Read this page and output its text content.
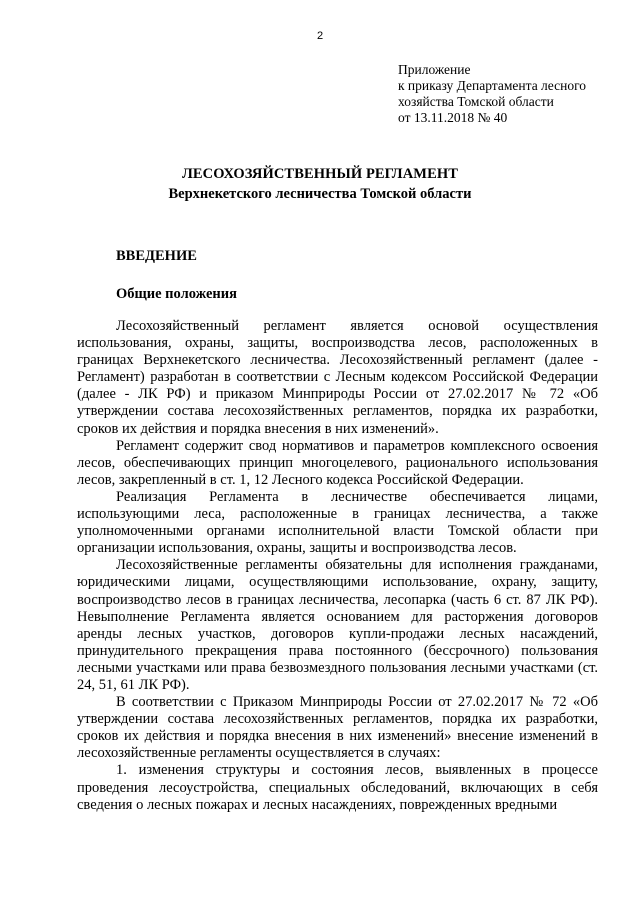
2
Приложение
к приказу Департамента лесного
хозяйства Томской области
от 13.11.2018 № 40
ЛЕСОХОЗЯЙСТВЕННЫЙ РЕГЛАМЕНТ
Верхнекетского лесничества Томской области
ВВЕДЕНИЕ
Общие положения

Лесохозяйственный регламент является основой осуществления использования, охраны, защиты, воспроизводства лесов, расположенных в границах Верхнекетского лесничества. Лесохозяйственный регламент (далее - Регламент) разработан в соответствии с Лесным кодексом Российской Федерации (далее - ЛК РФ) и приказом Минприроды России от 27.02.2017 № 72 «Об утверждении состава лесохозяйственных регламентов, порядка их разработки, сроков их действия и порядка внесения в них изменений».

Регламент содержит свод нормативов и параметров комплексного освоения лесов, обеспечивающих принцип многоцелевого, рационального использования лесов, закрепленный в ст. 1, 12 Лесного кодекса Российской Федерации.

Реализация Регламента в лесничестве обеспечивается лицами, использующими леса, расположенные в границах лесничества, а также уполномоченными органами исполнительной власти Томской области при организации использования, охраны, защиты и воспроизводства лесов.

Лесохозяйственные регламенты обязательны для исполнения гражданами, юридическими лицами, осуществляющими использование, охрану, защиту, воспроизводство лесов в границах лесничества, лесопарка (часть 6 ст. 87 ЛК РФ). Невыполнение Регламента является основанием для расторжения договоров аренды лесных участков, договоров купли-продажи лесных насаждений, принудительного прекращения права постоянного (бессрочного) пользования лесными участками или права безвозмездного пользования лесными участками (ст. 24, 51, 61 ЛК РФ).

В соответствии с Приказом Минприроды России от 27.02.2017 № 72 «Об утверждении состава лесохозяйственных регламентов, порядка их разработки, сроков их действия и порядка внесения в них изменений» внесение изменений в лесохозяйственные регламенты осуществляется в случаях:

1. изменения структуры и состояния лесов, выявленных в процессе проведения лесоустройства, специальных обследований, включающих в себя сведения о лесных пожарах и лесных насаждениях, поврежденных вредными
